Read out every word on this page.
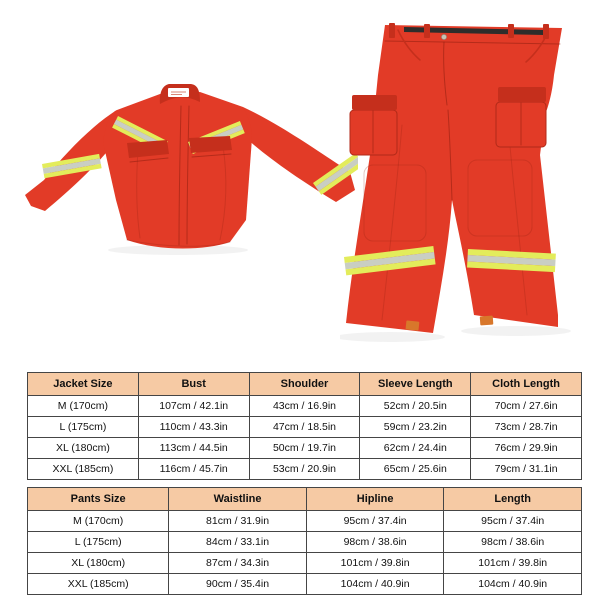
Jacket Size	Bust	Shoulder	Sleeve Length	Cloth Length
M (170cm)	107cm / 42.1in	43cm / 16.9in	52cm / 20.5in	70cm / 27.6in
L (175cm)	110cm / 43.3in	47cm / 18.5in	59cm / 23.2in	73cm / 28.7in
XL (180cm)	113cm / 44.5in	50cm / 19.7in	62cm / 24.4in	76cm / 29.9in
XXL (185cm)	116cm / 45.7in	53cm / 20.9in	65cm / 25.6in	79cm / 31.1in
Pants Size	Waistline	Hipline	Length
M (170cm)	81cm / 31.9in	95cm / 37.4in	95cm / 37.4in
L (175cm)	84cm / 33.1in	98cm / 38.6in	98cm / 38.6in
XL (180cm)	87cm / 34.3in	101cm / 39.8in	101cm / 39.8in
XXL (185cm)	90cm / 35.4in	104cm / 40.9in	104cm / 40.9in
